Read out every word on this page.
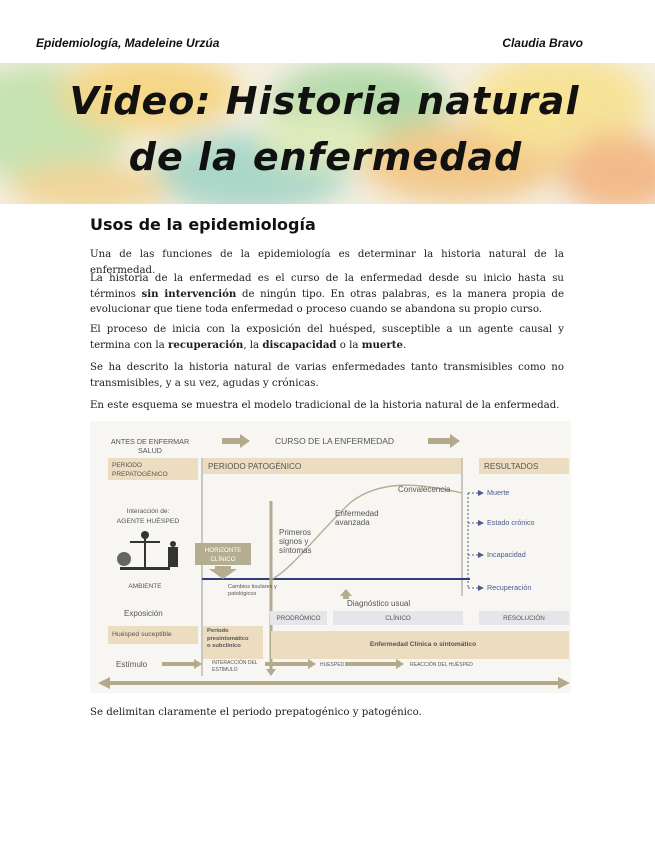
Epidemiología, Madeleine Urzúa	Claudia Bravo
Video: Historia natural
de la enfermedad
Usos de la epidemiología
Una de las funciones de la epidemiología es determinar la historia natural de la enfermedad.
La historia de la enfermedad es el curso de la enfermedad desde su inicio hasta su términos sin intervención de ningún tipo. En otras palabras, es la manera propia de evolucionar que tiene toda enfermedad o proceso cuando se abandona su propio curso.
El proceso de inicia con la exposición del huésped, susceptible a un agente causal y termina con la recuperación, la discapacidad o la muerte.
Se ha descrito la historia natural de varias enfermedades tanto transmisibles como no transmisibles, y a su vez, agudas y crónicas.
En este esquema se muestra el modelo tradicional de la historia natural de la enfermedad.
ANTES DE ENFERMAR
SALUD
CURSO DE LA ENFERMEDAD
PERIODO
PREPATOGÉNICO
PERIODO PATOGÉNICO	RESULTADOS
Convalecencia
Interacción de:
AGENTE HUÉSPED
AMBIENTE
HORIZONTE
CLÍNICO
Enfermedad
avanzada
Primeros
signos y
síntomas
Cambios tisulares y
patológicos
Diagnóstico usual
Exposición
Huésped suceptible	Período
presintomático
o subclínico
PRODRÓMICO	CLÍNICO	RESOLUCIÓN
Enfermedad Clínica o sintomático
Estímulo	INTERACCIÓN DEL
ESTÍMULO
HUESPED	REACCIÓN DEL HUÉSPED
Muerte
Estado crónico
Incapacidad
Recuperación
Se delimitan claramente el periodo prepatogénico y patogénico.
